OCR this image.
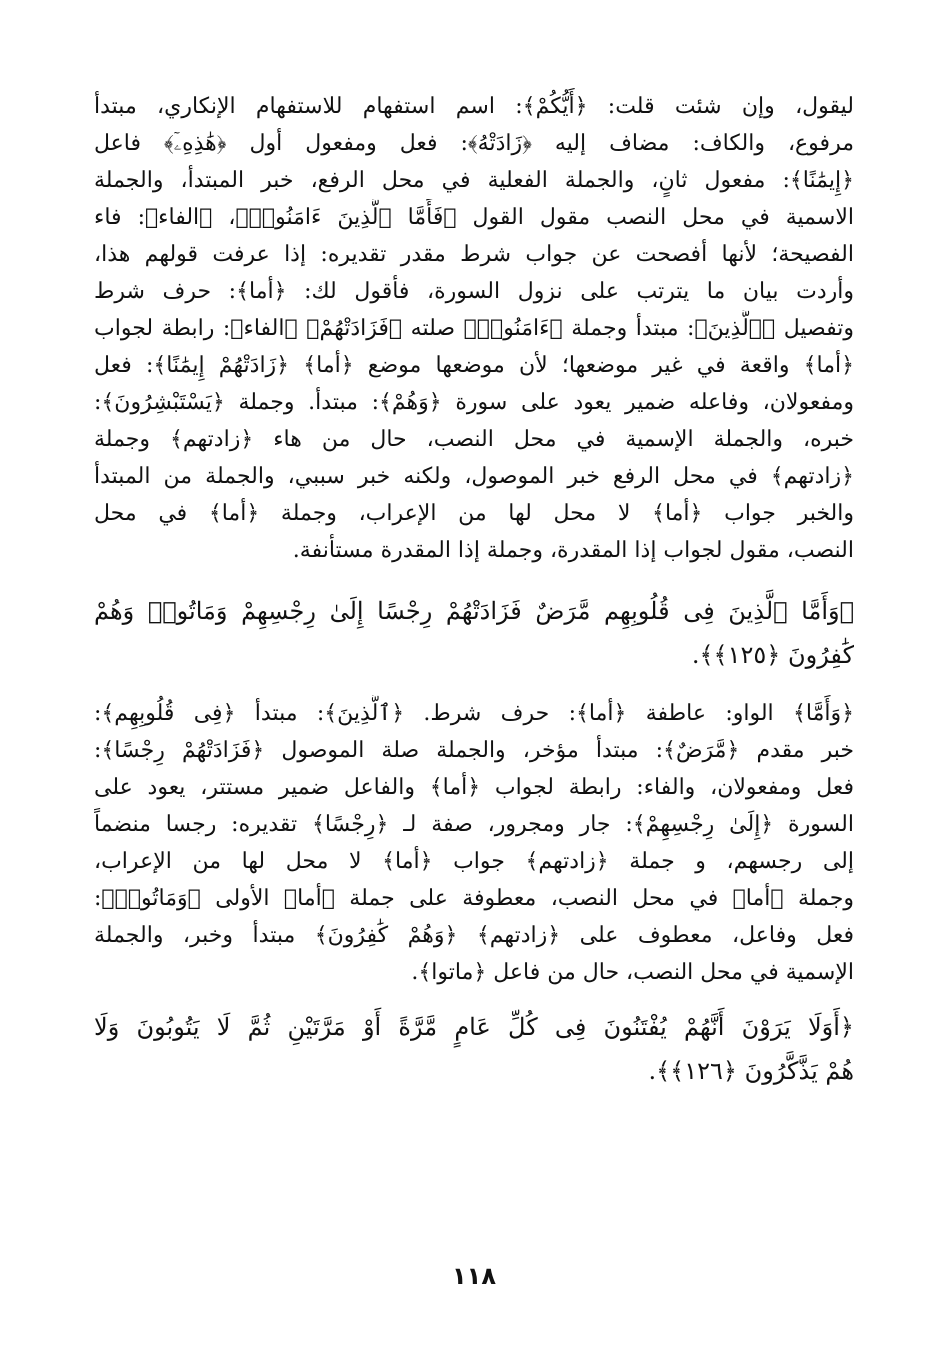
ليقول، وإن شئت قلت: ﴿أَيُّكُمْ﴾: اسم استفهام للاستفهام الإنكاري، مبتدأ
مرفوع، والكاف: مضاف إليه ﴿زَادَتْهُ﴾: فعل ومفعول أول ﴿هَٰذِهِۦٓ﴾ فاعل
﴿إِيمَٰنًا﴾: مفعول ثانٍ، والجملة الفعلية في محل الرفع، خبر المبتدأ، والجملة
الاسمية في محل النصب مقول القول ﴿فَأَمَّا ٱلَّذِينَ ءَامَنُوا۟﴾، ﴿الفاء﴾: فاء
الفصيحة؛ لأنها أفصحت عن جواب شرط مقدر تقديره: إذا عرفت قولهم هذا،
وأردت بيان ما يترتب على نزول السورة، فأقول لك: ﴿أما﴾: حرف شرط
وتفصيل ﴿ٱلَّذِينَ﴾: مبتدأ وجملة ﴿ءَامَنُوا۟﴾ صلته ﴿فَزَادَتْهُمْ﴾ ﴿الفاء﴾: رابطة لجواب
﴿أما﴾ واقعة في غير موضعها؛ لأن موضعها موضع ﴿أما﴾ ﴿زَادَتْهُمْ إِيمَٰنًا﴾: فعل
ومفعولان، وفاعله ضمير يعود على سورة ﴿وَهُمْ﴾: مبتدأ. وجملة ﴿يَسْتَبْشِرُونَ﴾:
خبره، والجملة الإسمية في محل النصب، حال من هاء ﴿زادتهم﴾ وجملة
﴿زادتهم﴾ في محل الرفع خبر الموصول، ولكنه خبر سببي، والجملة من المبتدأ
والخبر جواب ﴿أما﴾ لا محل لها من الإعراب، وجملة ﴿أما﴾ في محل
النصب، مقول لجواب إذا المقدرة، وجملة إذا المقدرة مستأنفة.
﴿وَأَمَّا ٱلَّذِينَ فِى قُلُوبِهِم مَّرَضٌ فَزَادَتْهُمْ رِجْسًا إِلَىٰ رِجْسِهِمْ وَمَاتُوا۟ وَهُمْ
كَٰفِرُونَ ﴿١٢٥﴾﴾.
﴿وَأَمَّا﴾ الواو: عاطفة ﴿أما﴾: حرف شرط. ﴿ٱلَّذِينَ﴾: مبتدأ ﴿فِى قُلُوبِهِم﴾:
خبر مقدم ﴿مَّرَضٌ﴾: مبتدأ مؤخر، والجملة صلة الموصول ﴿فَزَادَتْهُمْ رِجْسًا﴾:
فعل ومفعولان، والفاء: رابطة لجواب ﴿أما﴾ والفاعل ضمير مستتر، يعود على
السورة ﴿إِلَىٰ رِجْسِهِمْ﴾: جار ومجرور، صفة لـ ﴿رِجْسًا﴾ تقديره: رجسا منضماً
إلى رجسهم، و جملة ﴿زادتهم﴾ جواب ﴿أما﴾ لا محل لها من الإعراب،
وجملة ﴿أما﴾ في محل النصب، معطوفة على جملة ﴿أما﴾ الأولى ﴿وَمَاتُوا۟﴾:
فعل وفاعل، معطوف على ﴿زادتهم﴾ ﴿وَهُمْ كَٰفِرُونَ﴾ مبتدأ وخبر، والجملة
الإسمية في محل النصب، حال من فاعل ﴿ماتوا﴾.
﴿أَوَلَا يَرَوْنَ أَنَّهُمْ يُفْتَنُونَ فِى كُلِّ عَامٍ مَّرَّةً أَوْ مَرَّتَيْنِ ثُمَّ لَا يَتُوبُونَ وَلَا
هُمْ يَذَّكَّرُونَ ﴿١٢٦﴾﴾.
١١٨
